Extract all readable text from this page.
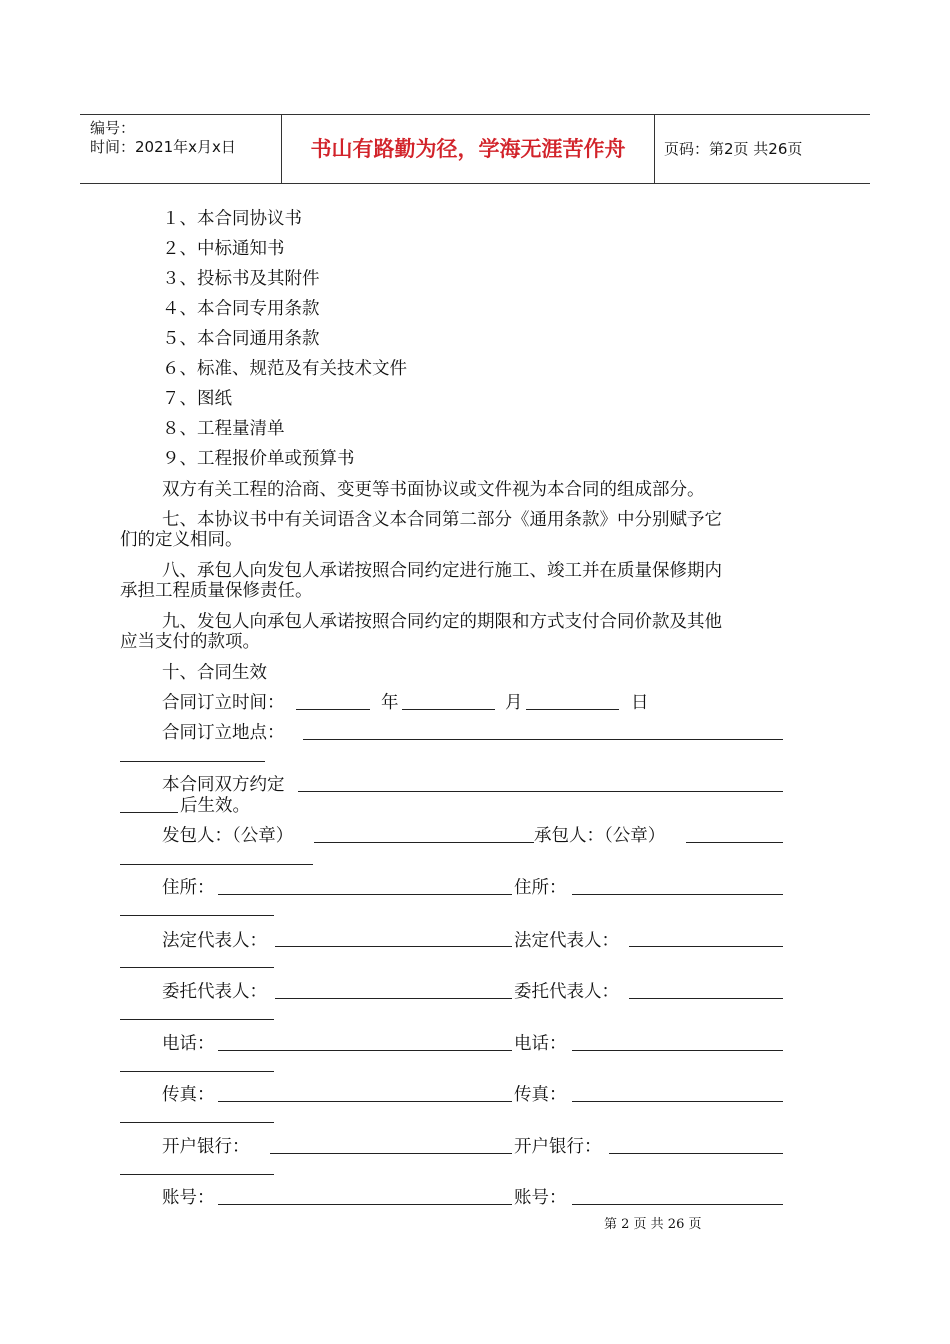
编号：
时间：2021年x月x日	书山有路勤为径，学海无涯苦作舟	页码：第2页 共26页
１、本合同协议书
２、中标通知书
３、投标书及其附件
４、本合同专用条款
５、本合同通用条款
６、标准、规范及有关技术文件
７、图纸
８、工程量清单
９、工程报价单或预算书
双方有关工程的洽商、变更等书面协议或文件视为本合同的组成部分。
七、本协议书中有关词语含义本合同第二部分《通用条款》中分别赋予它
们的定义相同。
八、承包人向发包人承诺按照合同约定进行施工、竣工并在质量保修期内
承担工程质量保修责任。
九、发包人向承包人承诺按照合同约定的期限和方式支付合同价款及其他
应当支付的款项。
十、合同生效
合同订立时间：	年	月	日
合同订立地点：
本合同双方约定
后生效。
发包人：（公章）	承包人：（公章）
住所：	住所：
法定代表人：	法定代表人：
委托代表人：	委托代表人：
电话：	电话：
传真：	传真：
开户银行：	开户银行：
账号：	账号：
第 2 页 共 26 页
